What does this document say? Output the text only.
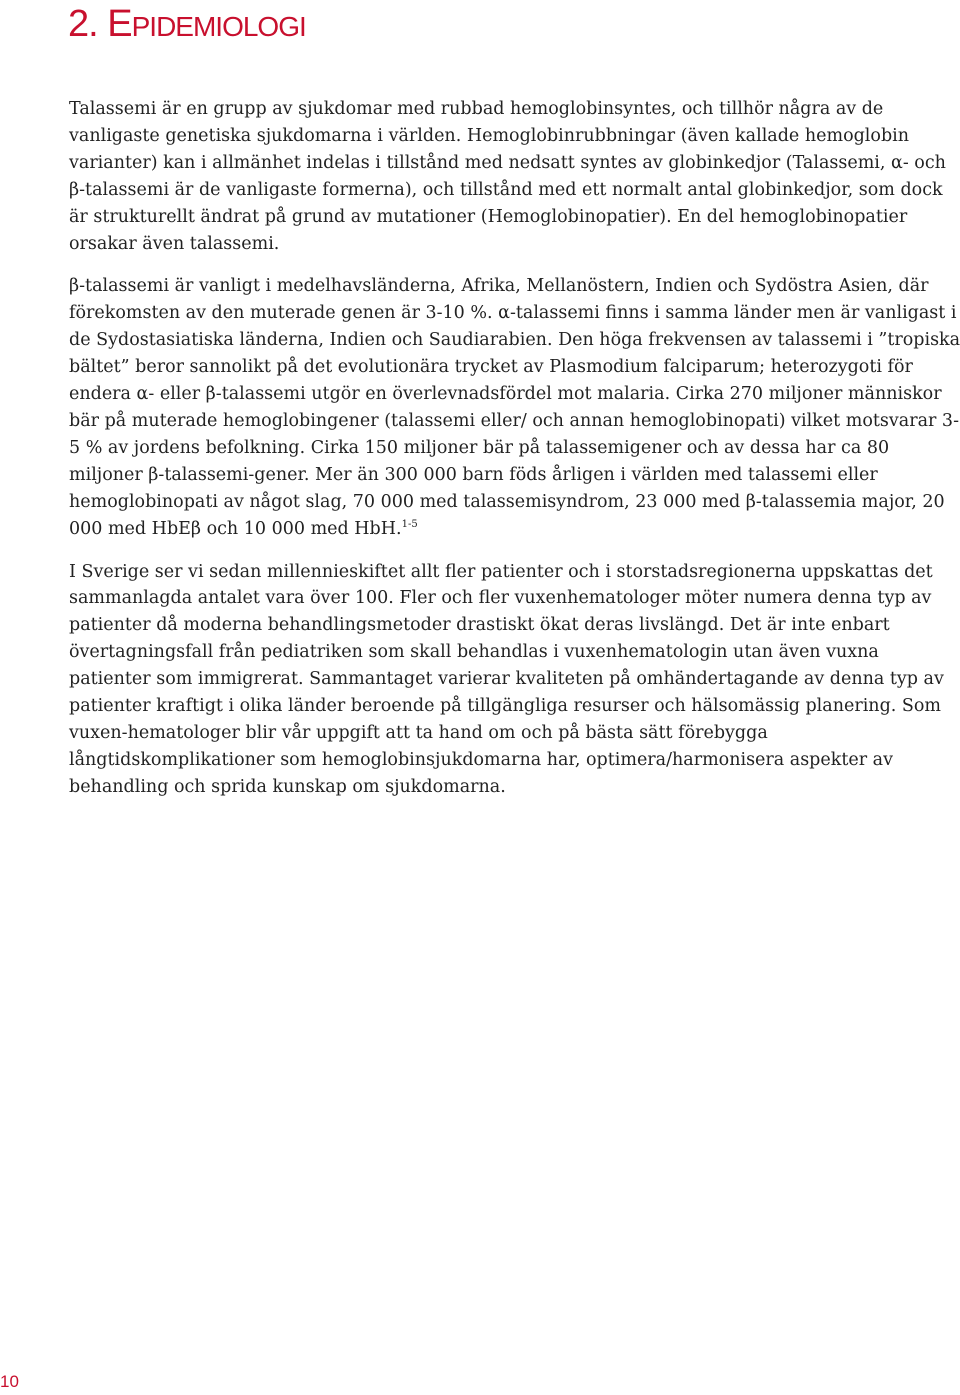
2. EPIDEMIOLOGI

Talassemi är en grupp av sjukdomar med rubbad hemoglobinsyntes, och tillhör några av de vanligaste genetiska sjukdomarna i världen. Hemoglobinrubbningar (även kallade hemoglobin varianter) kan i allmänhet indelas i tillstånd med nedsatt syntes av globinkedjor (Talassemi, α- och β-talassemi är de vanligaste formerna), och tillstånd med ett normalt antal globinkedjor, som dock är strukturellt ändrat på grund av mutationer (Hemoglobinopatier). En del hemoglobinopatier orsakar även talassemi.

β-talassemi är vanligt i medelhavsländerna, Afrika, Mellanöstern, Indien och Sydöstra Asien, där förekomsten av den muterade genen är 3-10 %. α-talassemi finns i samma länder men är vanligast i de Sydostasiatiska länderna, Indien och Saudiarabien. Den höga frekvensen av talassemi i ”tropiska bältet” beror sannolikt på det evolutionära trycket av Plasmodium falciparum; heterozygoti för endera α- eller β-talassemi utgör en överlevnadsfördel mot malaria. Cirka 270 miljoner människor bär på muterade hemoglobingener (talassemi eller/ och annan hemoglobinopati) vilket motsvarar 3-5 % av jordens befolkning. Cirka 150 miljoner bär på talassemigener och av dessa har ca 80 miljoner β-talassemi-gener. Mer än 300 000 barn föds årligen i världen med talassemi eller hemoglobinopati av något slag, 70 000 med talassemisyndrom, 23 000 med β-talassemia major, 20 000 med HbEβ och 10 000 med HbH.$^{1-5}$

I Sverige ser vi sedan millennieskiftet allt fler patienter och i storstadsregionerna uppskattas det sammanlagda antalet vara över 100. Fler och fler vuxenhematologer möter numera denna typ av patienter då moderna behandlingsmetoder drastiskt ökat deras livslängd. Det är inte enbart övertagningsfall från pediatriken som skall behandlas i vuxenhematologin utan även vuxna patienter som immigrerat. Sammantaget varierar kvaliteten på omhändertagande av denna typ av patienter kraftigt i olika länder beroende på tillgängliga resurser och hälsomässig planering. Som vuxen-hematologer blir vår uppgift att ta hand om och på bästa sätt förebygga långtidskomplikationer som hemoglobinsjukdomarna har, optimera/harmonisera aspekter av behandling och sprida kunskap om sjukdomarna.

10
